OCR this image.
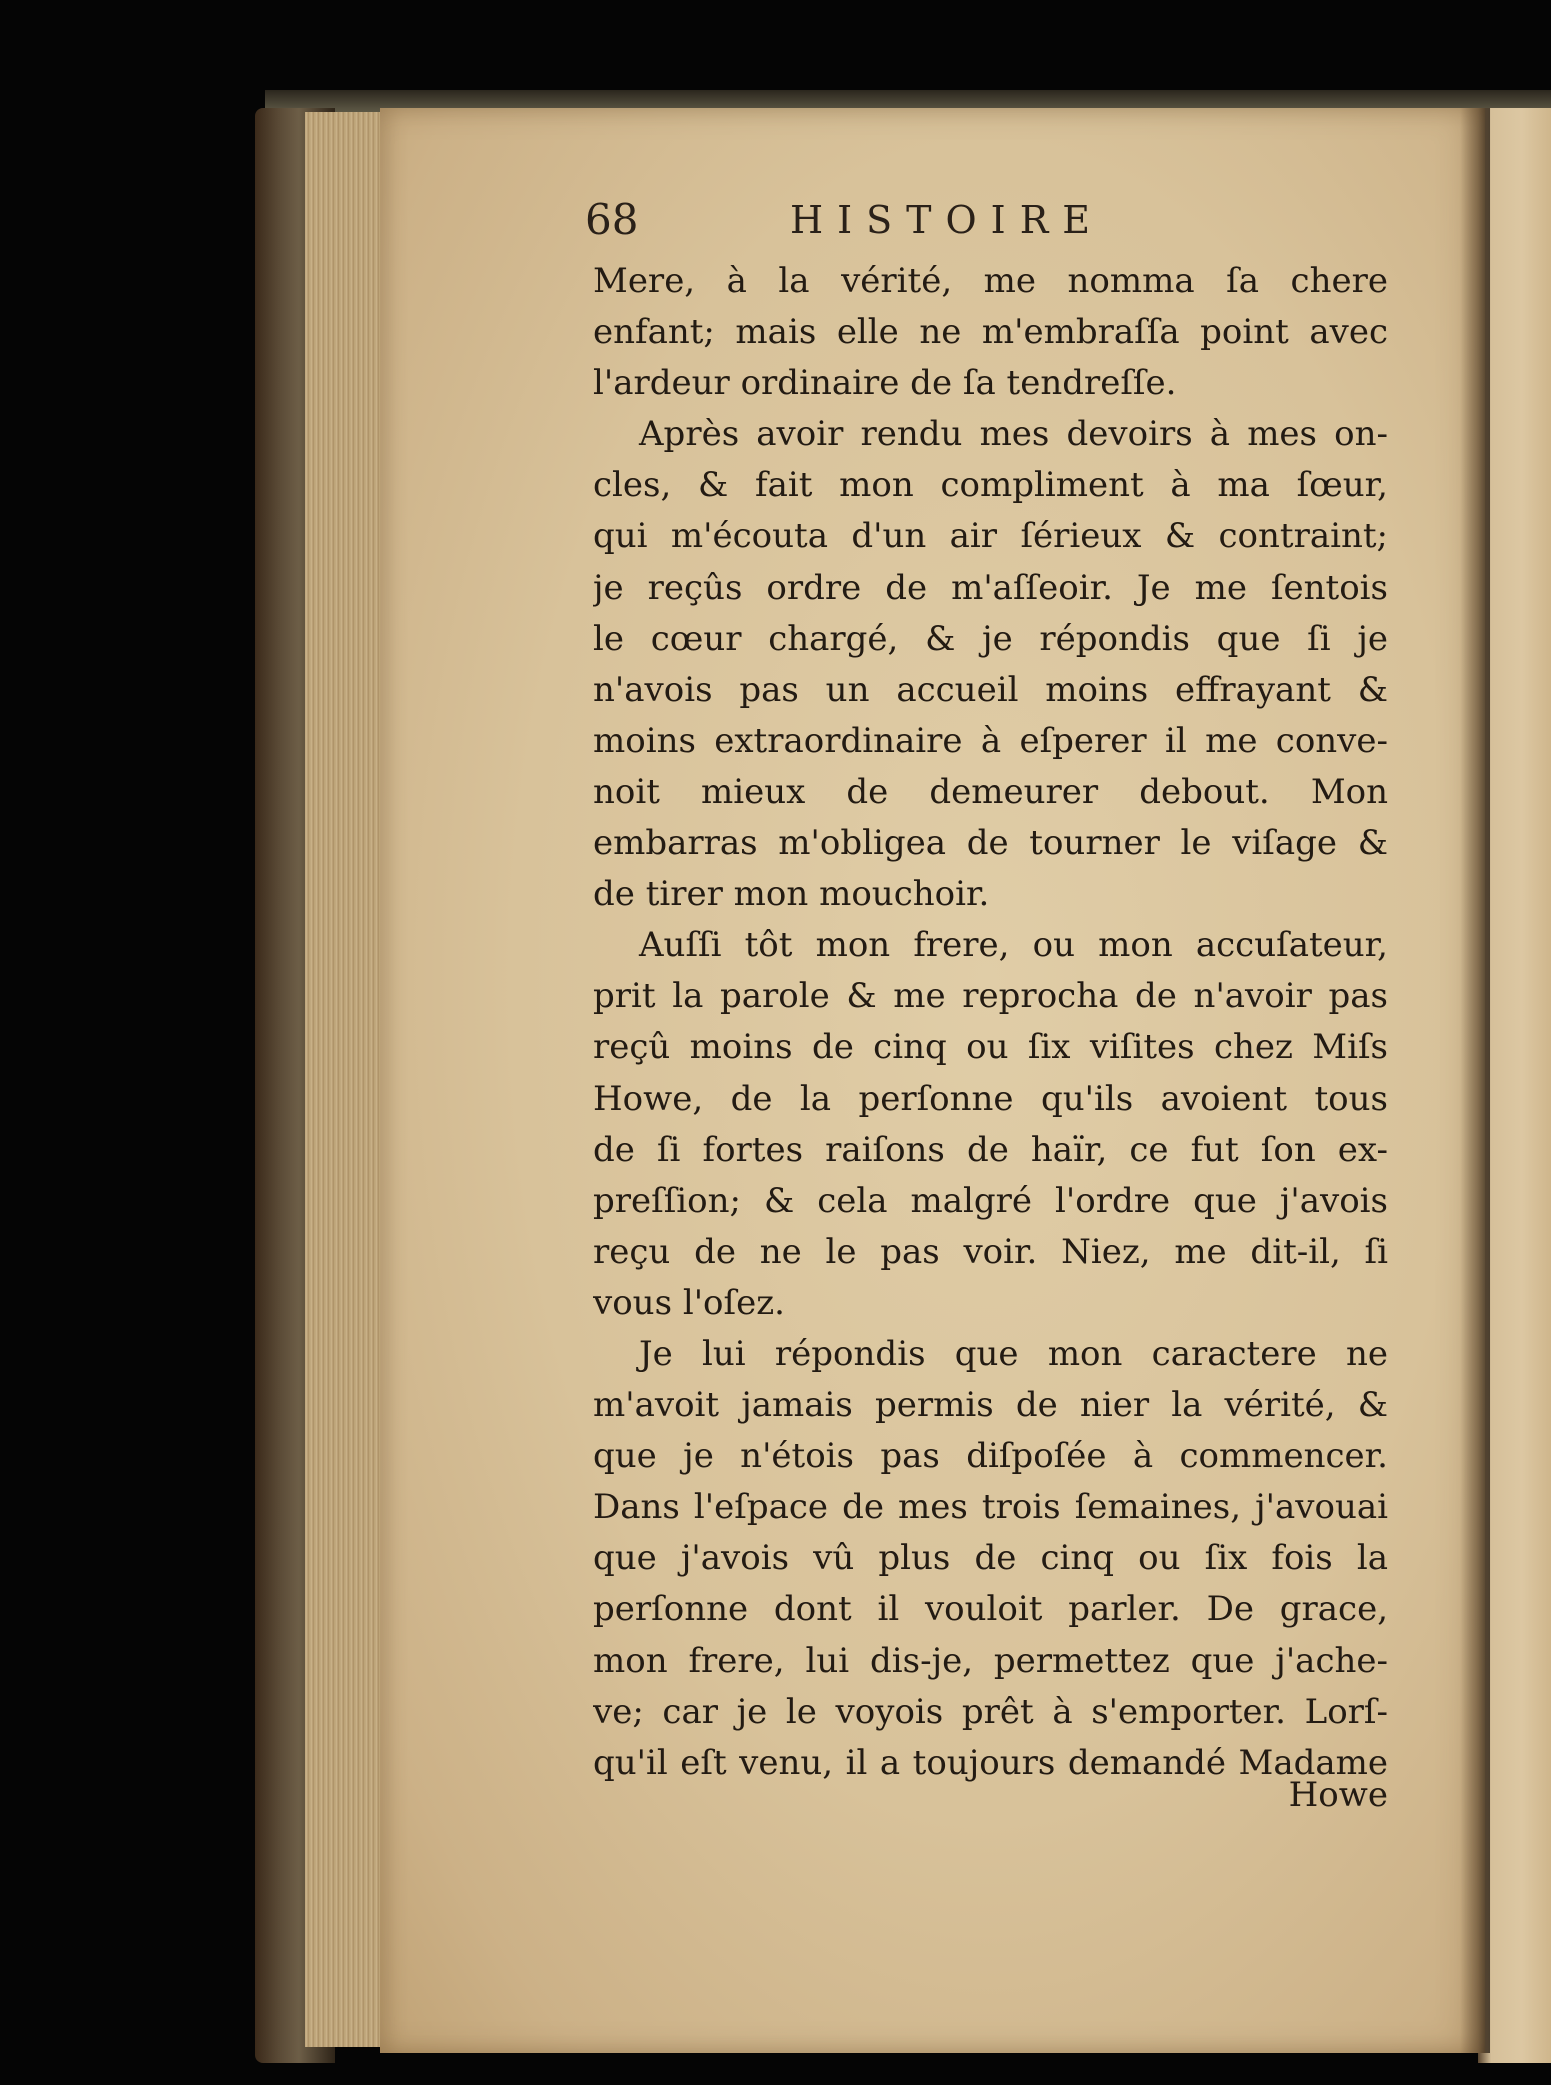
68	HISTOIRE
Mere, à la vérité, me nomma ſa chere
enfant; mais elle ne m'embraſſa point avec
l'ardeur ordinaire de ſa tendreſſe.
Après avoir rendu mes devoirs à mes on-
cles, & fait mon compliment à ma ſœur,
qui m'écouta d'un air ſérieux & contraint;
je reçûs ordre de m'aſſeoir. Je me ſentois
le cœur chargé, & je répondis que ſi je
n'avois pas un accueil moins effrayant &
moins extraordinaire à eſperer il me conve-
noit mieux de demeurer debout. Mon
embarras m'obligea de tourner le viſage &
de tirer mon mouchoir.
Auſſi tôt mon frere, ou mon accuſateur,
prit la parole & me reprocha de n'avoir pas
reçû moins de cinq ou ſix viſites chez Miſs
Howe, de la perſonne qu'ils avoient tous
de ſi fortes raiſons de haïr, ce fut ſon ex-
preſſion; & cela malgré l'ordre que j'avois
reçu de ne le pas voir. Niez, me dit-il, ſi
vous l'oſez.
Je lui répondis que mon caractere ne
m'avoit jamais permis de nier la vérité, &
que je n'étois pas diſpoſée à commencer.
Dans l'eſpace de mes trois ſemaines, j'avouai
que j'avois vû plus de cinq ou ſix fois la
perſonne dont il vouloit parler. De grace,
mon frere, lui dis-je, permettez que j'ache-
ve; car je le voyois prêt à s'emporter. Lorſ-
qu'il eſt venu, il a toujours demandé Madame
Howe
